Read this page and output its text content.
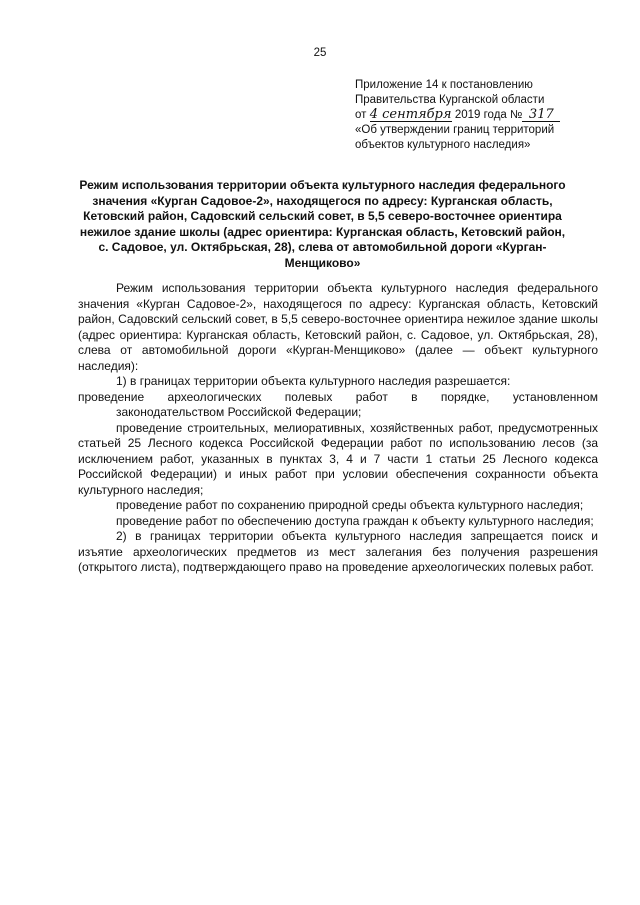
25
Приложение 14 к постановлению
Правительства Курганской области
от 4 сентября 2019 года № 317
«Об утверждении границ территорий
объектов культурного наследия»
Режим использования территории объекта культурного наследия федерального значения «Курган Садовое-2», находящегося по адресу: Курганская область, Кетовский район, Садовский сельский совет, в 5,5 северо-восточнее ориентира нежилое здание школы (адрес ориентира: Курганская область, Кетовский район, с. Садовое, ул. Октябрьская, 28), слева от автомобильной дороги «Курган-Менщиково»

Режим использования территории объекта культурного наследия федерального значения «Курган Садовое-2», находящегося по адресу: Курганская область, Кетовский район, Садовский сельский совет, в 5,5 северо-восточнее ориентира нежилое здание школы (адрес ориентира: Курганская область, Кетовский район, с. Садовое, ул. Октябрьская, 28), слева от автомобильной дороги «Курган-Менщиково» (далее — объект культурного наследия):

1) в границах территории объекта культурного наследия разрешается:

проведение археологических полевых работ в порядке, установленном

законодательством Российской Федерации;

проведение строительных, мелиоративных, хозяйственных работ, предусмотренных статьей 25 Лесного кодекса Российской Федерации работ по использованию лесов (за исключением работ, указанных в пунктах 3, 4 и 7 части 1 статьи 25 Лесного кодекса Российской Федерации) и иных работ при условии обеспечения сохранности объекта культурного наследия;

проведение работ по сохранению природной среды объекта культурного наследия;

проведение работ по обеспечению доступа граждан к объекту культурного наследия;

2) в границах территории объекта культурного наследия запрещается поиск и изъятие археологических предметов из мест залегания без получения разрешения (открытого листа), подтверждающего право на проведение археологических полевых работ.
